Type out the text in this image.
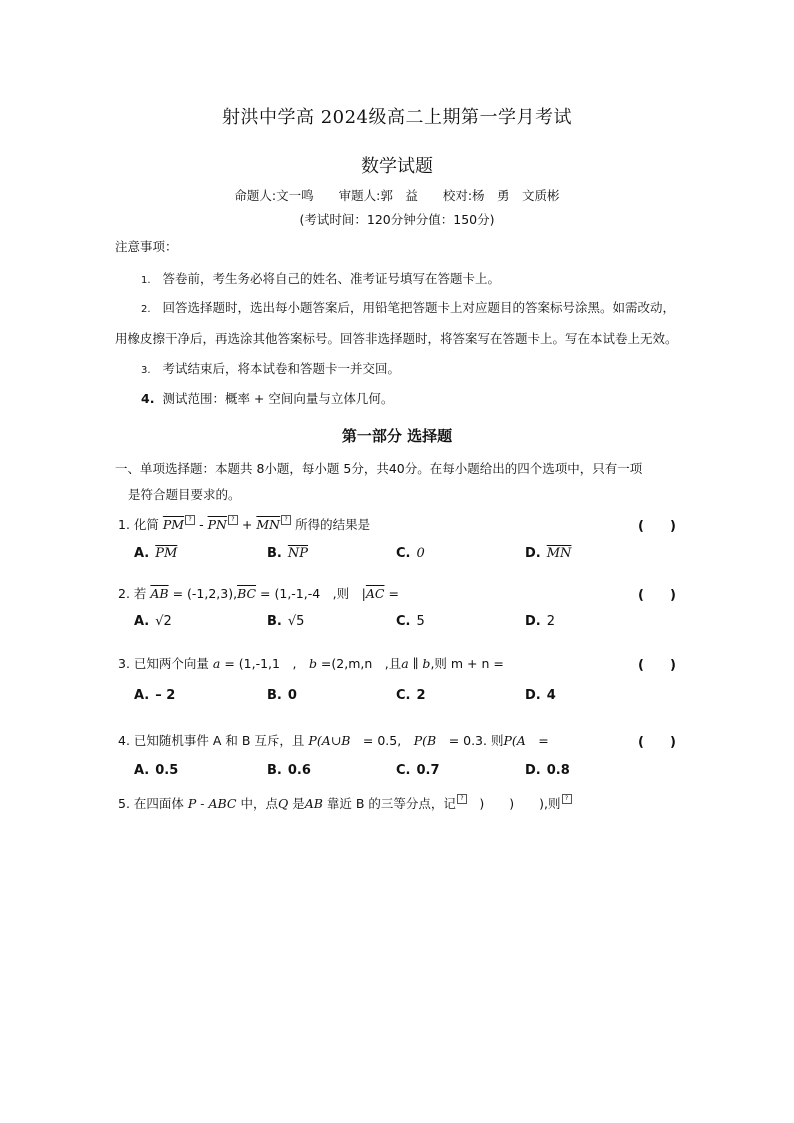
射洪中学高 2024级高二上期第一学月考试
数学试题
命题人:文一鸣　　审题人:郭　益　　校对:杨　勇　文质彬
(考试时间：120分钟分值：150分)
注意事项：
1. 答卷前，考生务必将自己的姓名、准考证号填写在答题卡上。
2. 回答选择题时，选出每小题答案后，用铅笔把答题卡上对应题目的答案标号涂黑。如需改动，
用橡皮擦干净后，再选涂其他答案标号。回答非选择题时，将答案写在答题卡上。写在本试卷上无效。
3. 考试结束后，将本试卷和答题卡一并交回。
4. 测试范围：概率 + 空间向量与立体几何。
第一部分 选择题
一、单项选择题：本题共 8小题，每小题 5分，共40分。在每小题给出的四个选项中，只有一项
是符合题目要求的。
1. 化简 $\overline{PM}$ ? - $\overline{PN}$ ? + $\overline{MN}$ ? 所得的结果是	(　　)
A. $\overline{PM}$	B. $\overline{NP}$	C. 0	D. $\overline{MN}$
2. 若 $\overline{AB} = (-1,2,3),\overline{BC} = (1,-1,-4$　,则　$|\overline{AC}$ =	(　　)
A. √2	B. √5	C. 5	D. 2
3. 已知两个向量 a = (1,-1,1　,　b =(2,m,n　,且a ∥ b,则 m + n =	(　　)
A. – 2	B. 0	C. 2	D. 4
4. 已知随机事件 A 和 B 互斥，且 P(A∪B　= 0.5,　P(B　= 0.3. 则P(A　=	(　　)
A. 0.5	B. 0.6	C. 0.7	D. 0.8
5. 在四面体 P - ABC 中，点Q 是AB 靠近 B 的三等分点，记 ?　)　　)　　),则 ?
